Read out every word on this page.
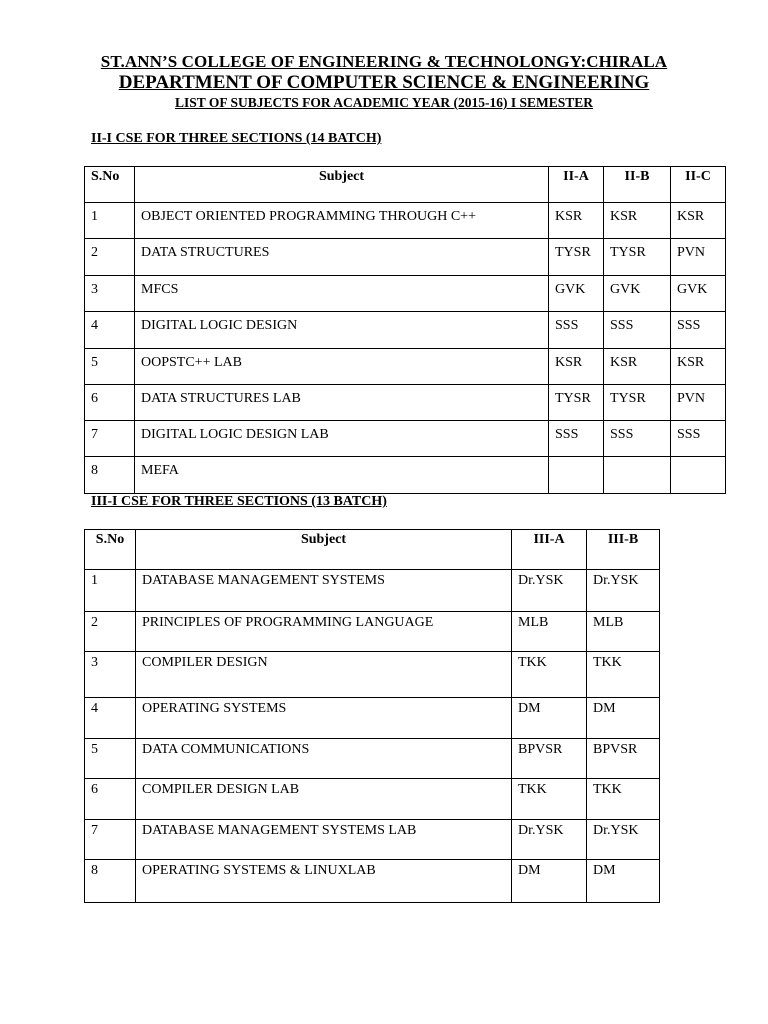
ST.ANN’S COLLEGE OF ENGINEERING & TECHNOLONGY:CHIRALA
DEPARTMENT OF COMPUTER SCIENCE & ENGINEERING
LIST OF SUBJECTS FOR ACADEMIC YEAR (2015-16) I SEMESTER
II-I CSE FOR THREE SECTIONS (14 BATCH)
S.No	Subject	II-A	II-B	II-C
1	OBJECT ORIENTED PROGRAMMING THROUGH C++	KSR	KSR	KSR
2	DATA STRUCTURES	TYSR	TYSR	PVN
3	MFCS	GVK	GVK	GVK
4	DIGITAL LOGIC DESIGN	SSS	SSS	SSS
5	OOPSTC++ LAB	KSR	KSR	KSR
6	DATA STRUCTURES LAB	TYSR	TYSR	PVN
7	DIGITAL LOGIC DESIGN LAB	SSS	SSS	SSS
8	MEFA			
III-I CSE FOR THREE SECTIONS (13 BATCH)
S.No	Subject	III-A	III-B
1	DATABASE MANAGEMENT SYSTEMS	Dr.YSK	Dr.YSK
2	PRINCIPLES OF PROGRAMMING LANGUAGE	MLB	MLB
3	COMPILER DESIGN	TKK	TKK
4	OPERATING SYSTEMS	DM	DM
5	DATA COMMUNICATIONS	BPVSR	BPVSR
6	COMPILER DESIGN LAB	TKK	TKK
7	DATABASE MANAGEMENT SYSTEMS LAB	Dr.YSK	Dr.YSK
8	OPERATING SYSTEMS & LINUXLAB	DM	DM
